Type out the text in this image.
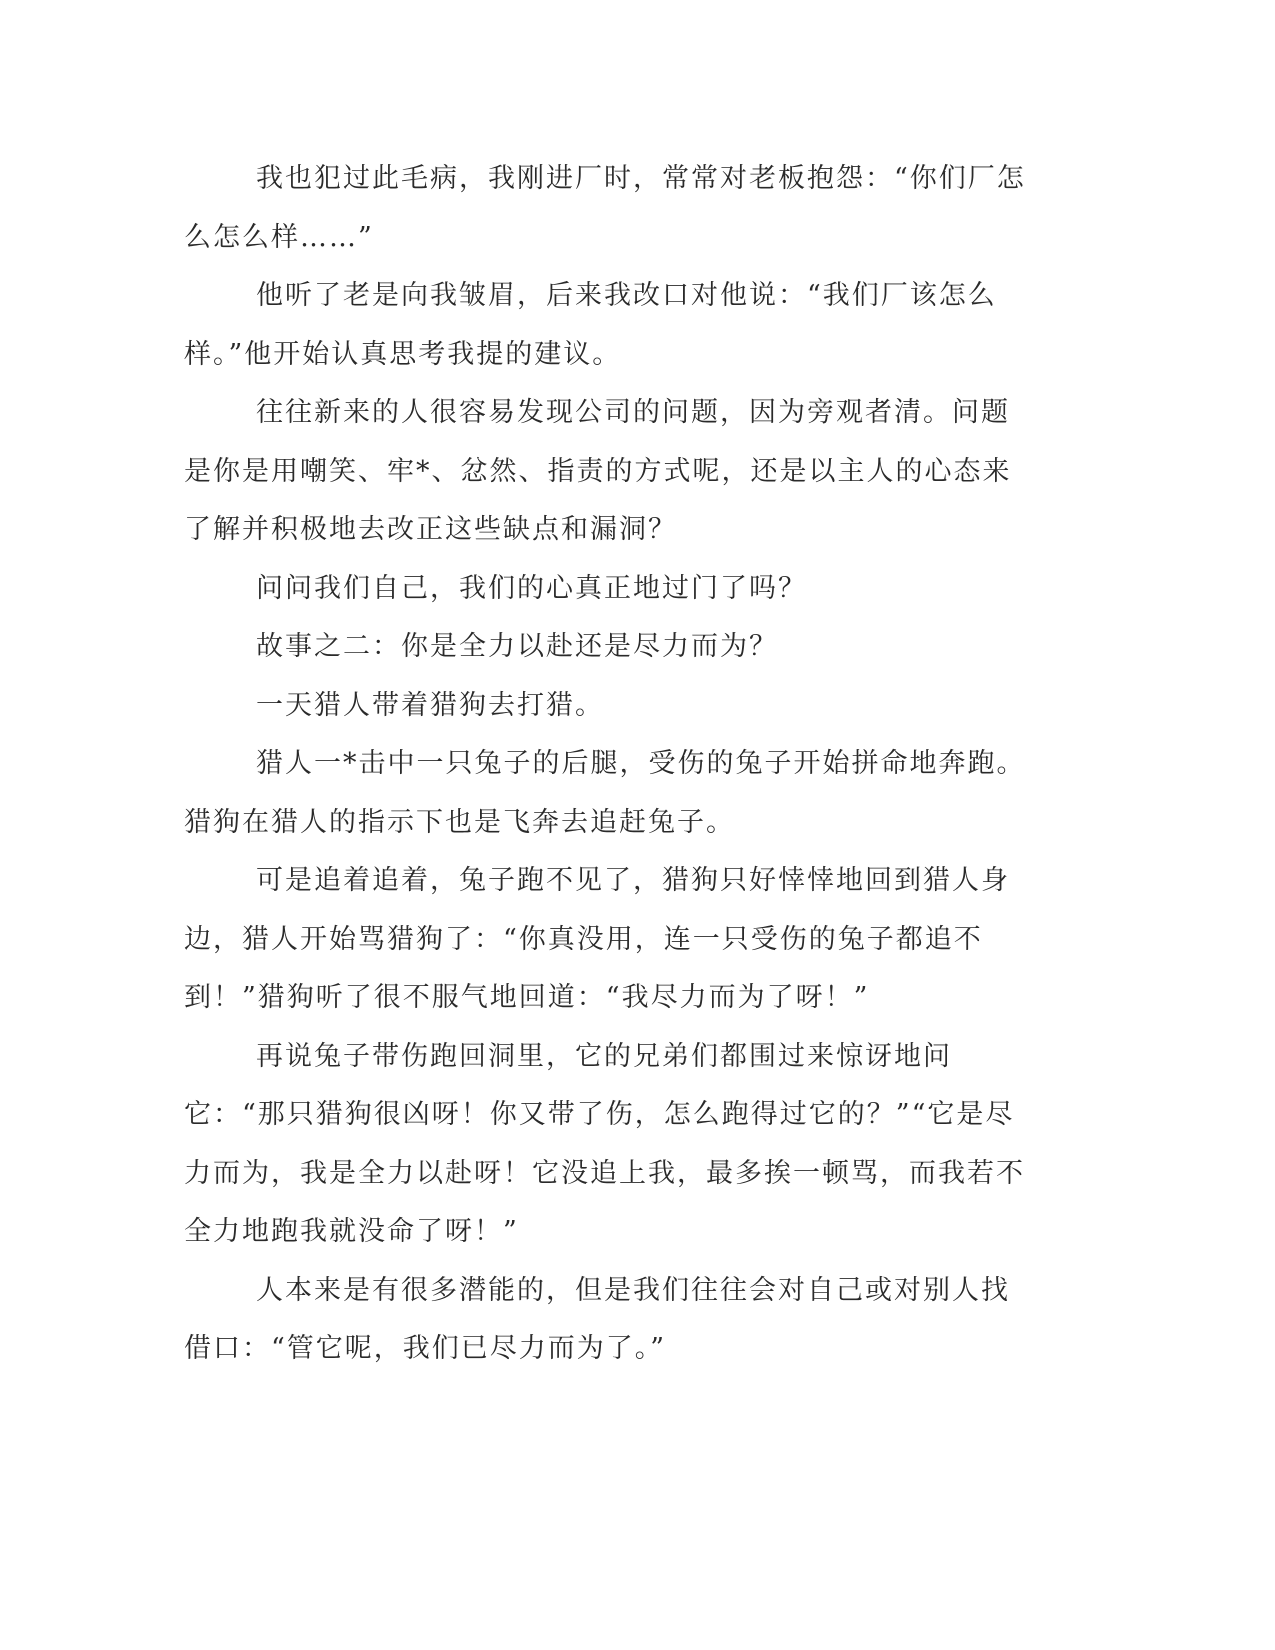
我也犯过此毛病，我刚进厂时，常常对老板抱怨：“你们厂怎么怎么样……”

他听了老是向我皱眉，后来我改口对他说：“我们厂该怎么样。”他开始认真思考我提的建议。

往往新来的人很容易发现公司的问题，因为旁观者清。问题是你是用嘲笑、牢*、忿然、指责的方式呢，还是以主人的心态来了解并积极地去改正这些缺点和漏洞？

问问我们自己，我们的心真正地过门了吗？

故事之二：你是全力以赴还是尽力而为？

一天猎人带着猎狗去打猎。

猎人一*击中一只兔子的后腿，受伤的兔子开始拼命地奔跑。猎狗在猎人的指示下也是飞奔去追赶兔子。

可是追着追着，兔子跑不见了，猎狗只好悻悻地回到猎人身边，猎人开始骂猎狗了：“你真没用，连一只受伤的兔子都追不到！”猎狗听了很不服气地回道：“我尽力而为了呀！”

再说兔子带伤跑回洞里，它的兄弟们都围过来惊讶地问它：“那只猎狗很凶呀！你又带了伤，怎么跑得过它的？”“它是尽力而为，我是全力以赴呀！它没追上我，最多挨一顿骂，而我若不全力地跑我就没命了呀！”

人本来是有很多潜能的，但是我们往往会对自己或对别人找借口：“管它呢，我们已尽力而为了。”
